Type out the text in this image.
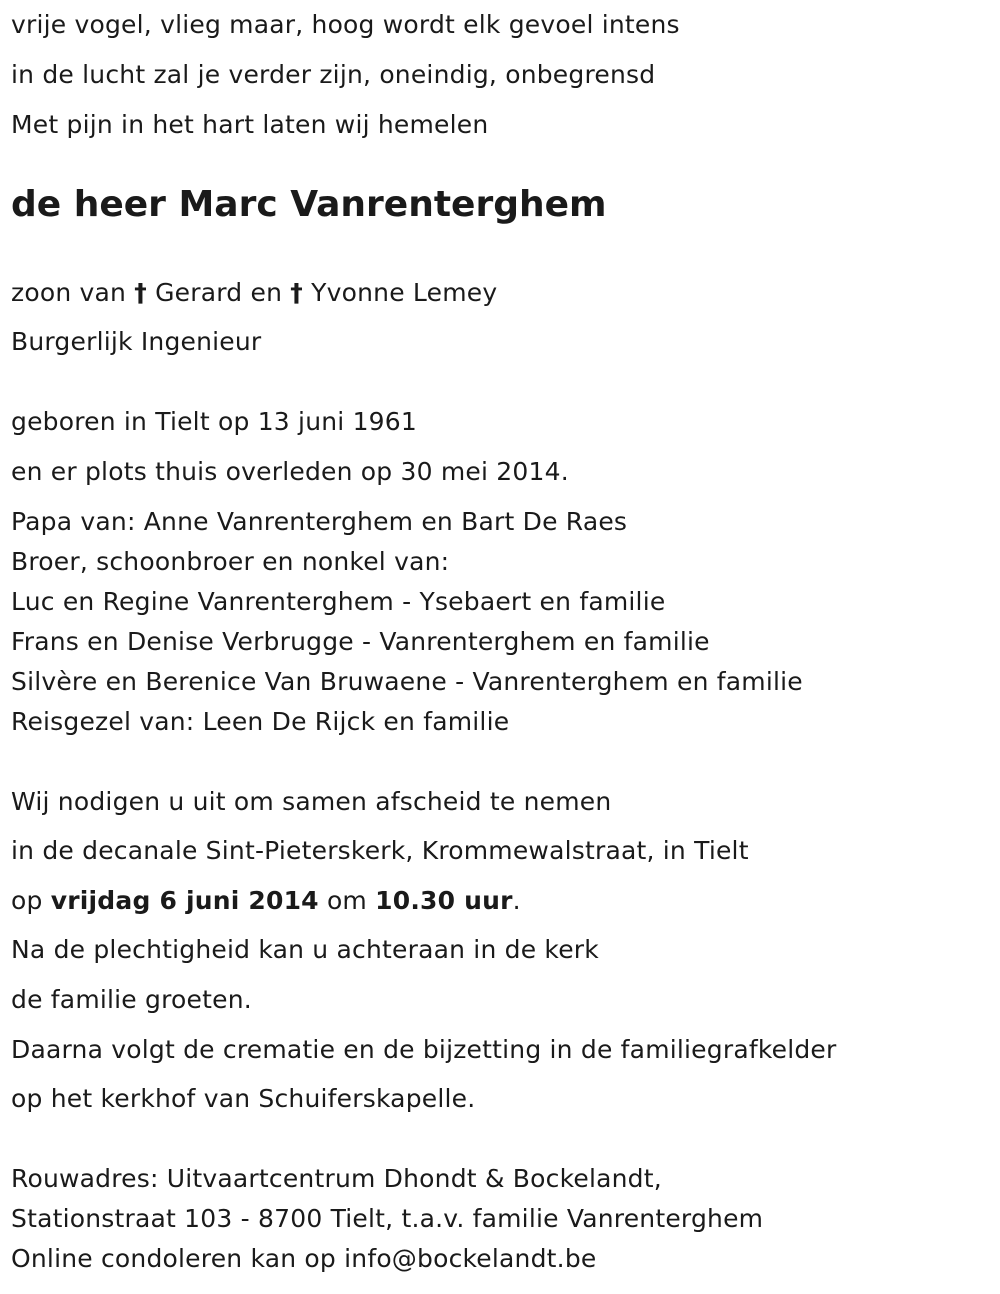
vrije vogel, vlieg maar, hoog wordt elk gevoel intens
in de lucht zal je verder zijn, oneindig, onbegrensd
Met pijn in het hart laten wij hemelen
de heer Marc Vanrenterghem
zoon van † Gerard en † Yvonne Lemey
Burgerlijk Ingenieur
geboren in Tielt op 13 juni 1961
en er plots thuis overleden op 30 mei 2014.
Papa van: Anne Vanrenterghem en Bart De Raes
Broer, schoonbroer en nonkel van:
Luc en Regine Vanrenterghem - Ysebaert en familie
Frans en Denise Verbrugge - Vanrenterghem en familie
Silvère en Berenice Van Bruwaene - Vanrenterghem en familie
Reisgezel van: Leen De Rijck en familie
Wij nodigen u uit om samen afscheid te nemen
in de decanale Sint-Pieterskerk, Krommewalstraat, in Tielt
op vrijdag 6 juni 2014 om 10.30 uur.
Na de plechtigheid kan u achteraan in de kerk
de familie groeten.
Daarna volgt de crematie en de bijzetting in de familiegrafkelder
op het kerkhof van Schuiferskapelle.
Rouwadres: Uitvaartcentrum Dhondt & Bockelandt,
Stationstraat 103 - 8700 Tielt, t.a.v. familie Vanrenterghem
Online condoleren kan op info@bockelandt.be
